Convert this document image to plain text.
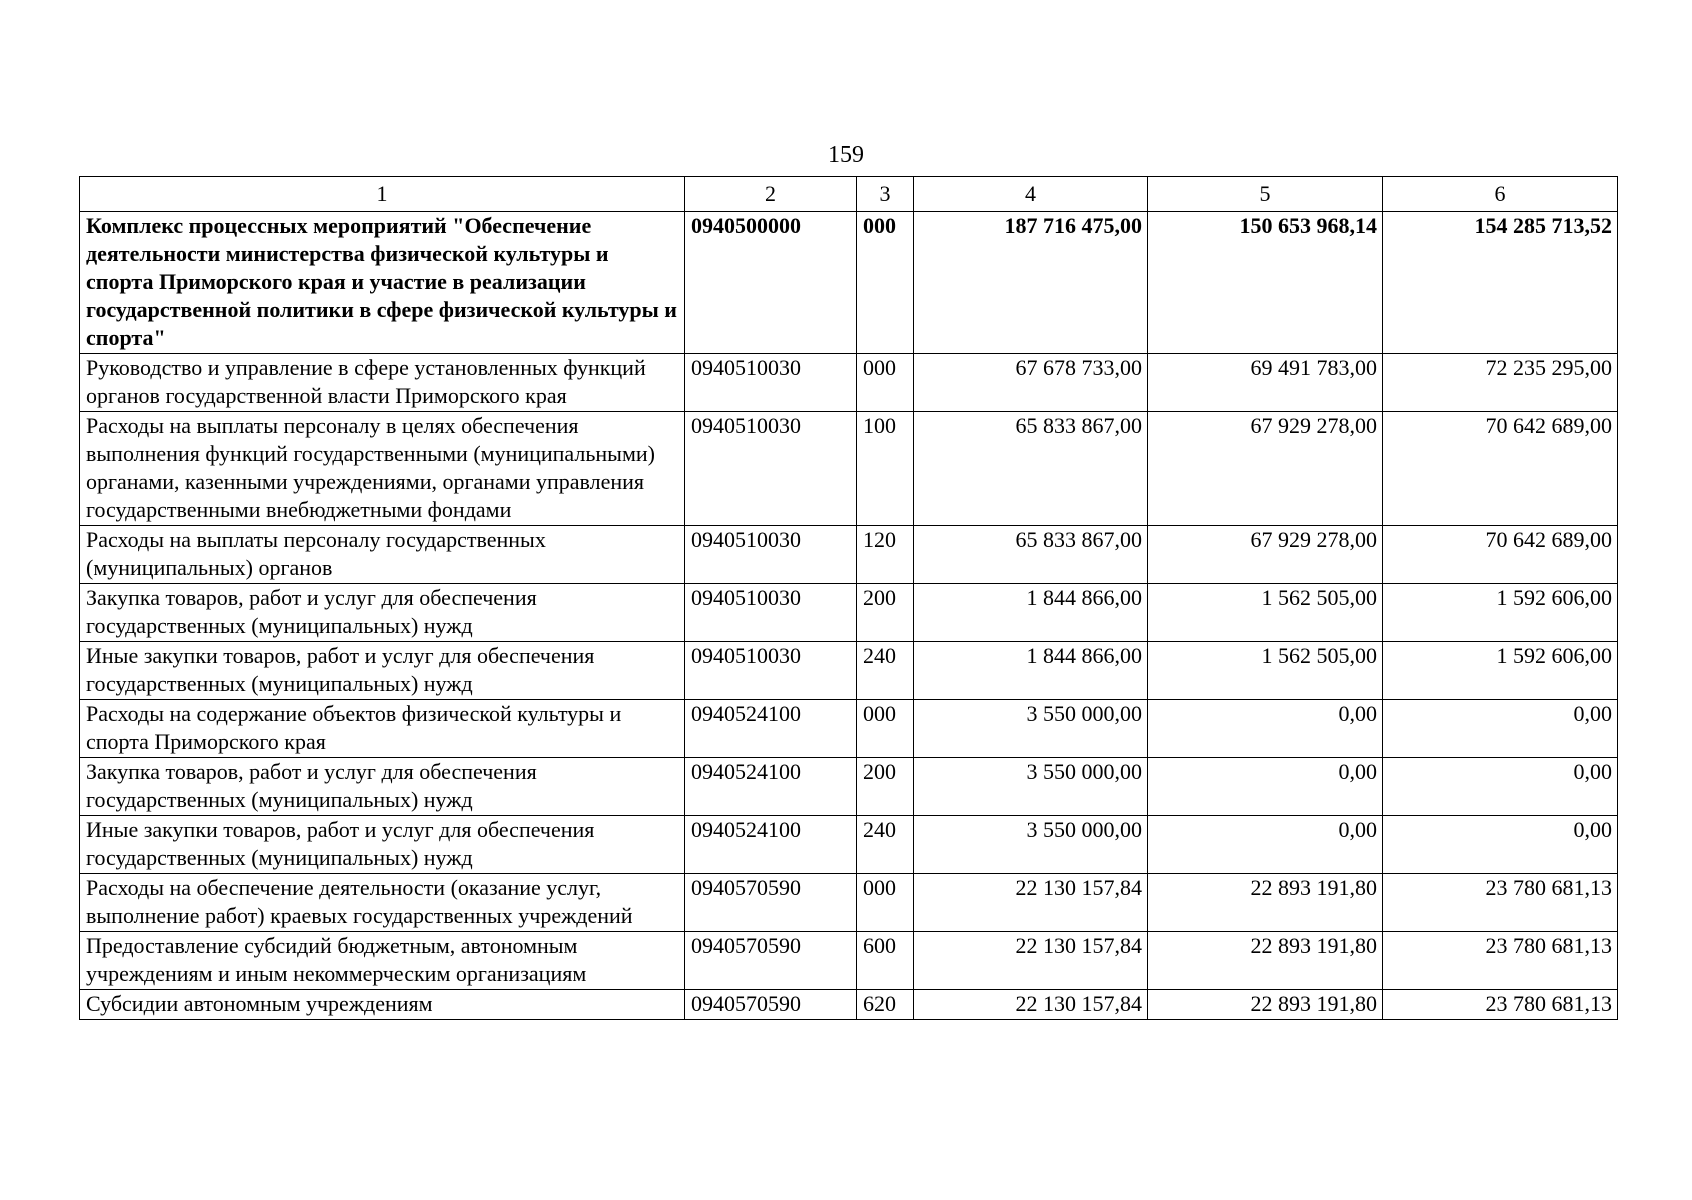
159
1	2	3	4	5	6
Комплекс процессных мероприятий "Обеспечение деятельности министерства физической культуры и спорта Приморского края и участие в реализации государственной политики в сфере физической культуры и спорта"	0940500000	000	187 716 475,00	150 653 968,14	154 285 713,52
Руководство и управление в сфере установленных функций органов государственной власти Приморского края	0940510030	000	67 678 733,00	69 491 783,00	72 235 295,00
Расходы на выплаты персоналу в целях обеспечения выполнения функций государственными (муниципальными) органами, казенными учреждениями, органами управления государственными внебюджетными фондами	0940510030	100	65 833 867,00	67 929 278,00	70 642 689,00
Расходы на выплаты персоналу государственных (муниципальных) органов	0940510030	120	65 833 867,00	67 929 278,00	70 642 689,00
Закупка товаров, работ и услуг для обеспечения государственных (муниципальных) нужд	0940510030	200	1 844 866,00	1 562 505,00	1 592 606,00
Иные закупки товаров, работ и услуг для обеспечения государственных (муниципальных) нужд	0940510030	240	1 844 866,00	1 562 505,00	1 592 606,00
Расходы на содержание объектов физической культуры и спорта Приморского края	0940524100	000	3 550 000,00	0,00	0,00
Закупка товаров, работ и услуг для обеспечения государственных (муниципальных) нужд	0940524100	200	3 550 000,00	0,00	0,00
Иные закупки товаров, работ и услуг для обеспечения государственных (муниципальных) нужд	0940524100	240	3 550 000,00	0,00	0,00
Расходы на обеспечение деятельности (оказание услуг, выполнение работ) краевых государственных учреждений	0940570590	000	22 130 157,84	22 893 191,80	23 780 681,13
Предоставление субсидий бюджетным, автономным учреждениям и иным некоммерческим организациям	0940570590	600	22 130 157,84	22 893 191,80	23 780 681,13
Субсидии автономным учреждениям	0940570590	620	22 130 157,84	22 893 191,80	23 780 681,13
